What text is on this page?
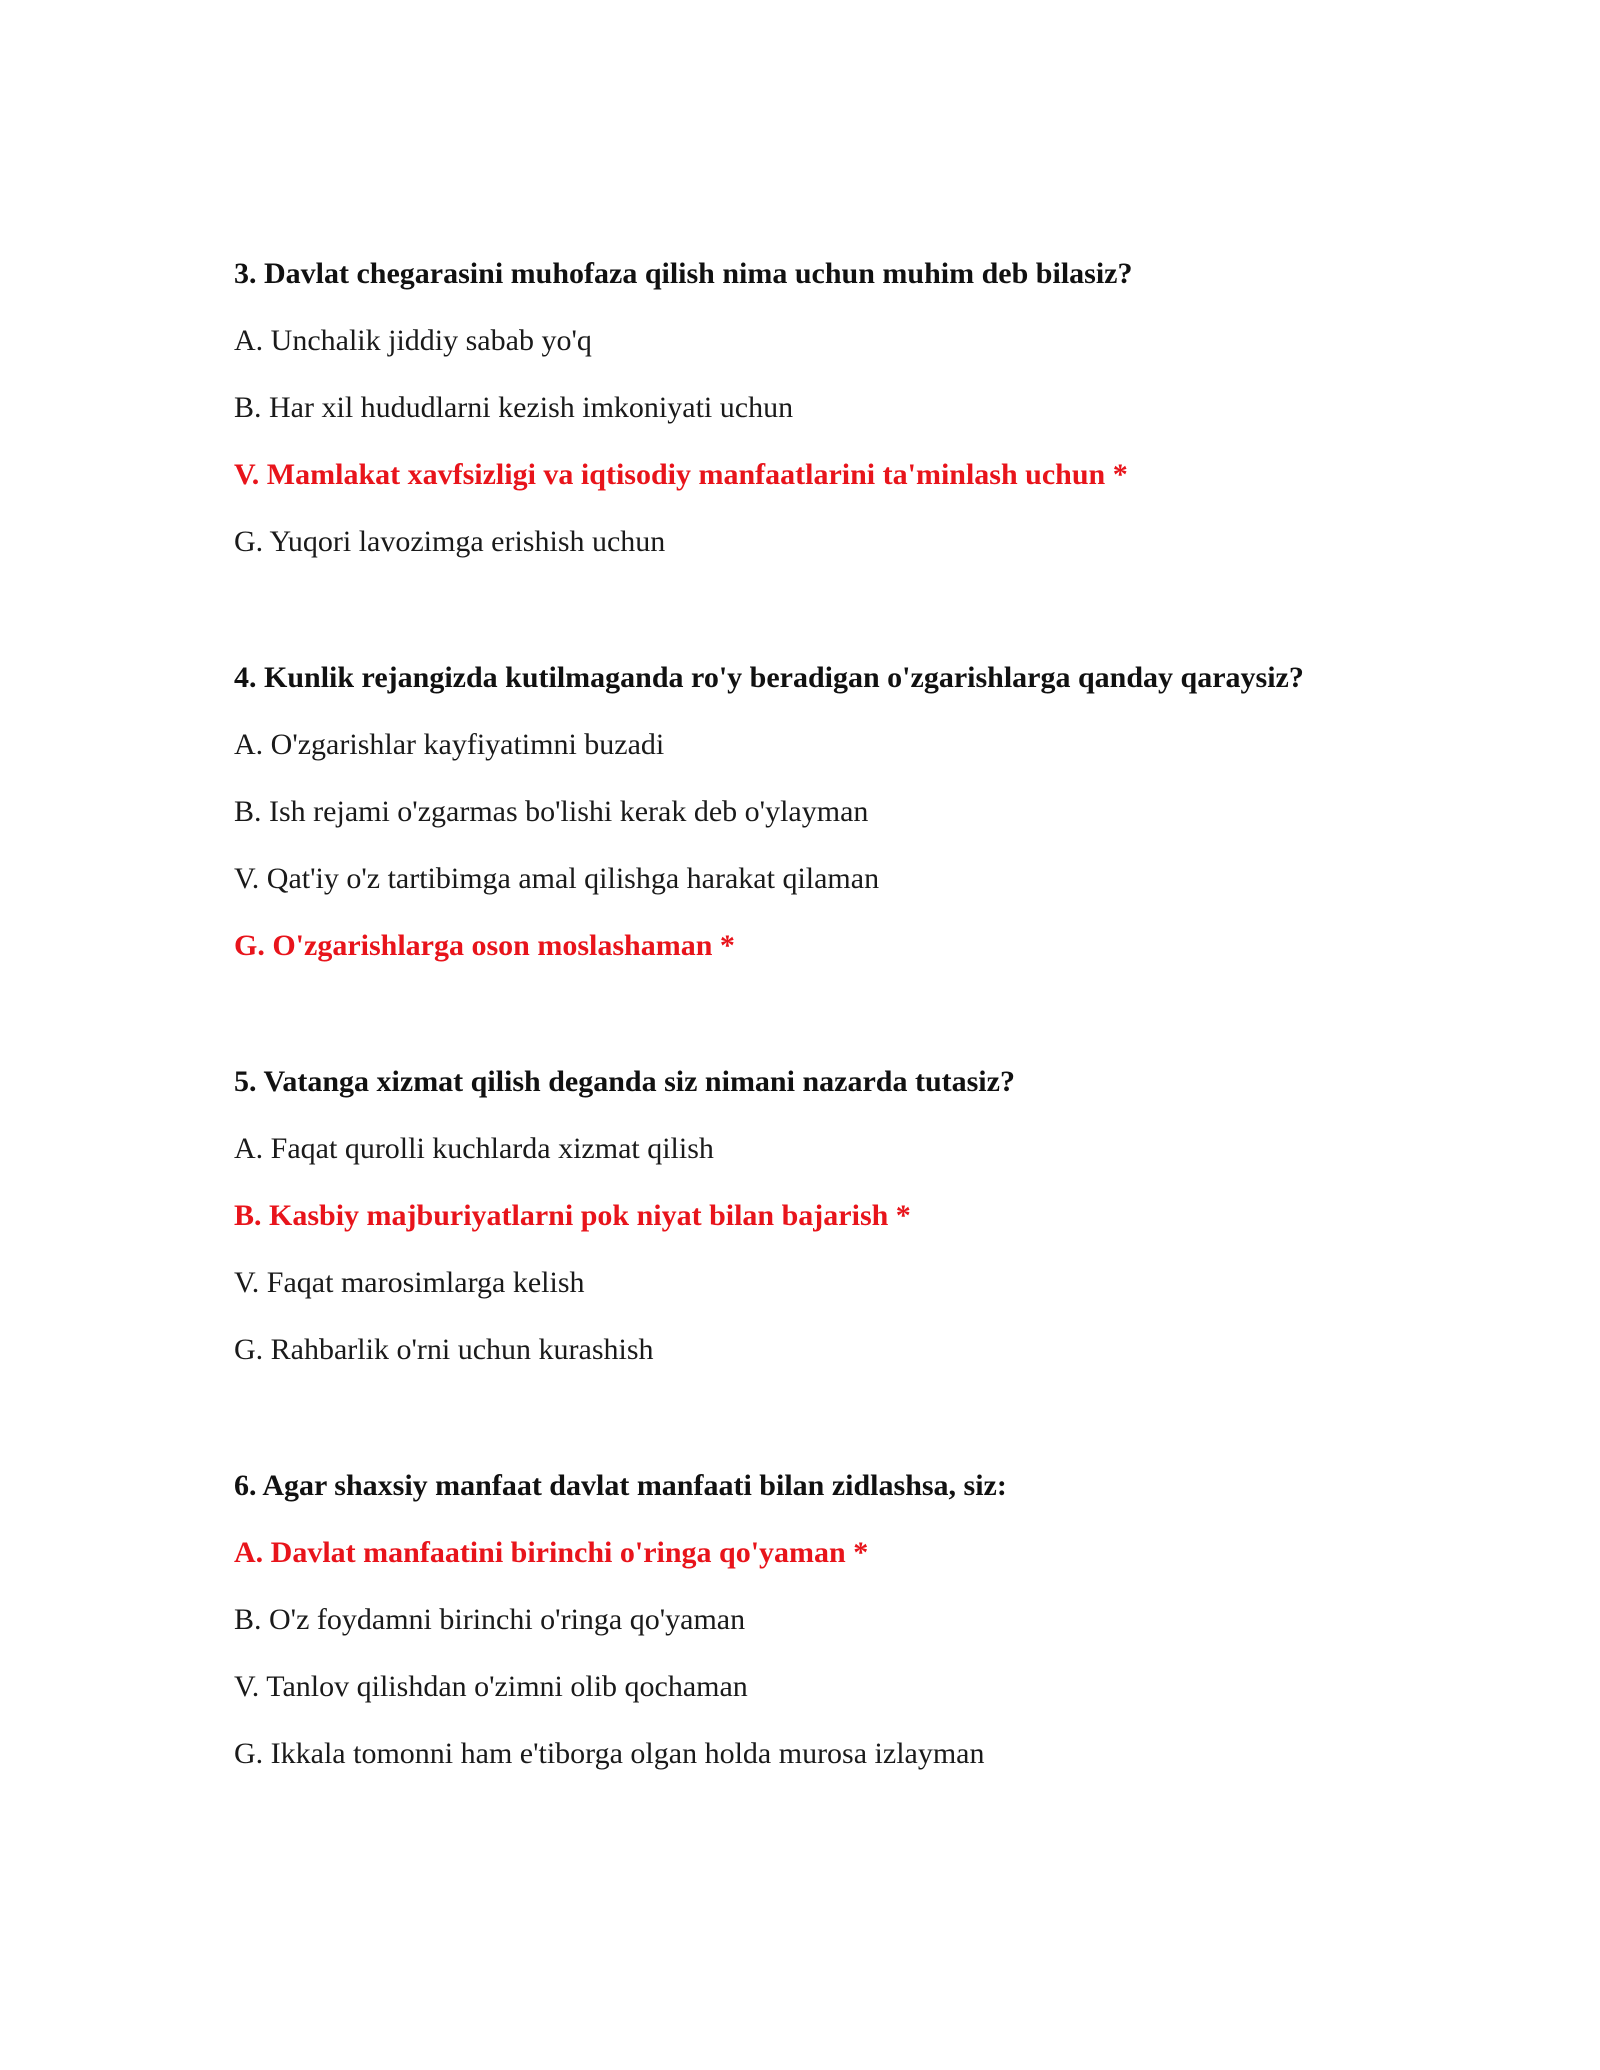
3. Davlat chegarasini muhofaza qilish nima uchun muhim deb bilasiz?
A. Unchalik jiddiy sabab yo'q
B. Har xil hududlarni kezish imkoniyati uchun
V. Mamlakat xavfsizligi va iqtisodiy manfaatlarini ta'minlash uchun *
G. Yuqori lavozimga erishish uchun
4. Kunlik rejangizda kutilmaganda ro'y beradigan o'zgarishlarga qanday qaraysiz?
A. O'zgarishlar kayfiyatimni buzadi
B. Ish rejami o'zgarmas bo'lishi kerak deb o'ylayman
V. Qat'iy o'z tartibimga amal qilishga harakat qilaman
G. O'zgarishlarga oson moslashaman *
5. Vatanga xizmat qilish deganda siz nimani nazarda tutasiz?
A. Faqat qurolli kuchlarda xizmat qilish
B. Kasbiy majburiyatlarni pok niyat bilan bajarish *
V. Faqat marosimlarga kelish
G. Rahbarlik o'rni uchun kurashish
6. Agar shaxsiy manfaat davlat manfaati bilan zidlashsa, siz:
A. Davlat manfaatini birinchi o'ringa qo'yaman *
B. O'z foydamni birinchi o'ringa qo'yaman
V. Tanlov qilishdan o'zimni olib qochaman
G. Ikkala tomonni ham e'tiborga olgan holda murosa izlayman
